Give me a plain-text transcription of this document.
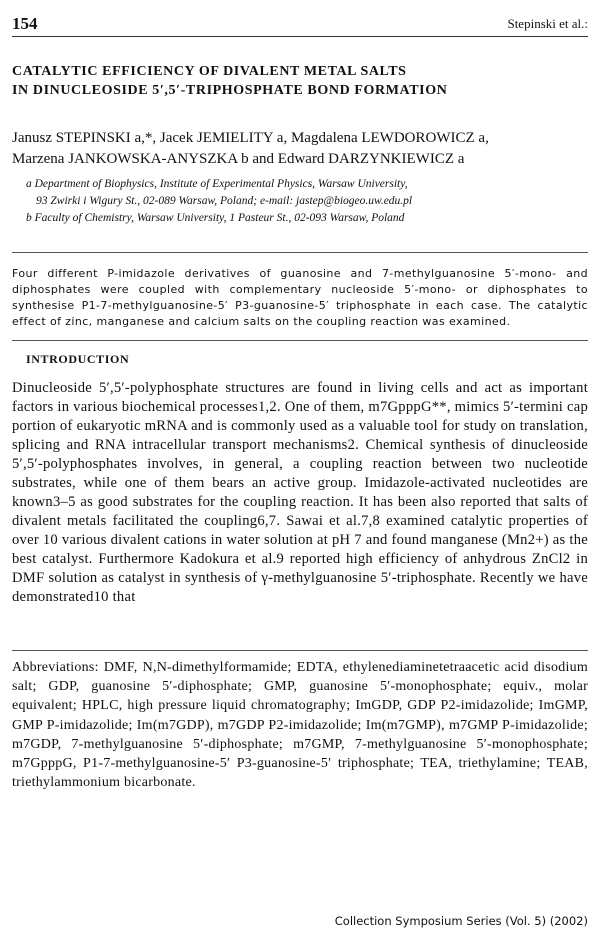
154	Stepinski et al.:
CATALYTIC EFFICIENCY OF DIVALENT METAL SALTS
IN DINUCLEOSIDE 5′,5′-TRIPHOSPHATE BOND FORMATION
Janusz STEPINSKI a,*, Jacek JEMIELITY a, Magdalena LEWDOROWICZ a,
Marzena JANKOWSKA-ANYSZKA b and Edward DARZYNKIEWICZ a
a Department of Biophysics, Institute of Experimental Physics, Warsaw University,
93 Zwirki i Wigury St., 02-089 Warsaw, Poland; e-mail: jastep@biogeo.uw.edu.pl
b Faculty of Chemistry, Warsaw University, 1 Pasteur St., 02-093 Warsaw, Poland

Four different P-imidazole derivatives of guanosine and 7-methylguanosine 5′-mono- and diphosphates were coupled with complementary nucleoside 5′-mono- or diphosphates to synthesise P1-7-methylguanosine-5′ P3-guanosine-5′ triphosphate in each case. The catalytic effect of zinc, manganese and calcium salts on the coupling reaction was examined.

INTRODUCTION

Dinucleoside 5′,5′-polyphosphate structures are found in living cells and act as important factors in various biochemical processes1,2. One of them, m7GpppG**, mimics 5′-termini cap portion of eukaryotic mRNA and is commonly used as a valuable tool for study on translation, splicing and RNA intracellular transport mechanisms2. Chemical synthesis of dinucleoside 5′,5′-polyphosphates involves, in general, a coupling reaction between two nucleotide substrates, while one of them bears an active group. Imidazole-activated nucleotides are known3–5 as good substrates for the coupling reaction. It has been also reported that salts of divalent metals facilitated the coupling6,7. Sawai et al.7,8 examined catalytic properties of over 10 various divalent cations in water solution at pH 7 and found manganese (Mn2+) as the best catalyst. Furthermore Kadokura et al.9 reported high efficiency of anhydrous ZnCl2 in DMF solution as catalyst in synthesis of γ-methylguanosine 5′-triphosphate. Recently we have demonstrated10 that

Abbreviations: DMF, N,N-dimethylformamide; EDTA, ethylenediaminetetraacetic acid disodium salt; GDP, guanosine 5′-diphosphate; GMP, guanosine 5′-monophosphate; equiv., molar equivalent; HPLC, high pressure liquid chromatography; ImGDP, GDP P2-imidazolide; ImGMP, GMP P-imidazolide; Im(m7GDP), m7GDP P2-imidazolide; Im(m7GMP), m7GMP P-imidazolide; m7GDP, 7-methylguanosine 5′-diphosphate; m7GMP, 7-methylguanosine 5′-monophosphate; m7GpppG, P1-7-methylguanosine-5′ P3-guanosine-5′ triphosphate; TEA, triethylamine; TEAB, triethylammonium bicarbonate.

Collection Symposium Series (Vol. 5) (2002)
